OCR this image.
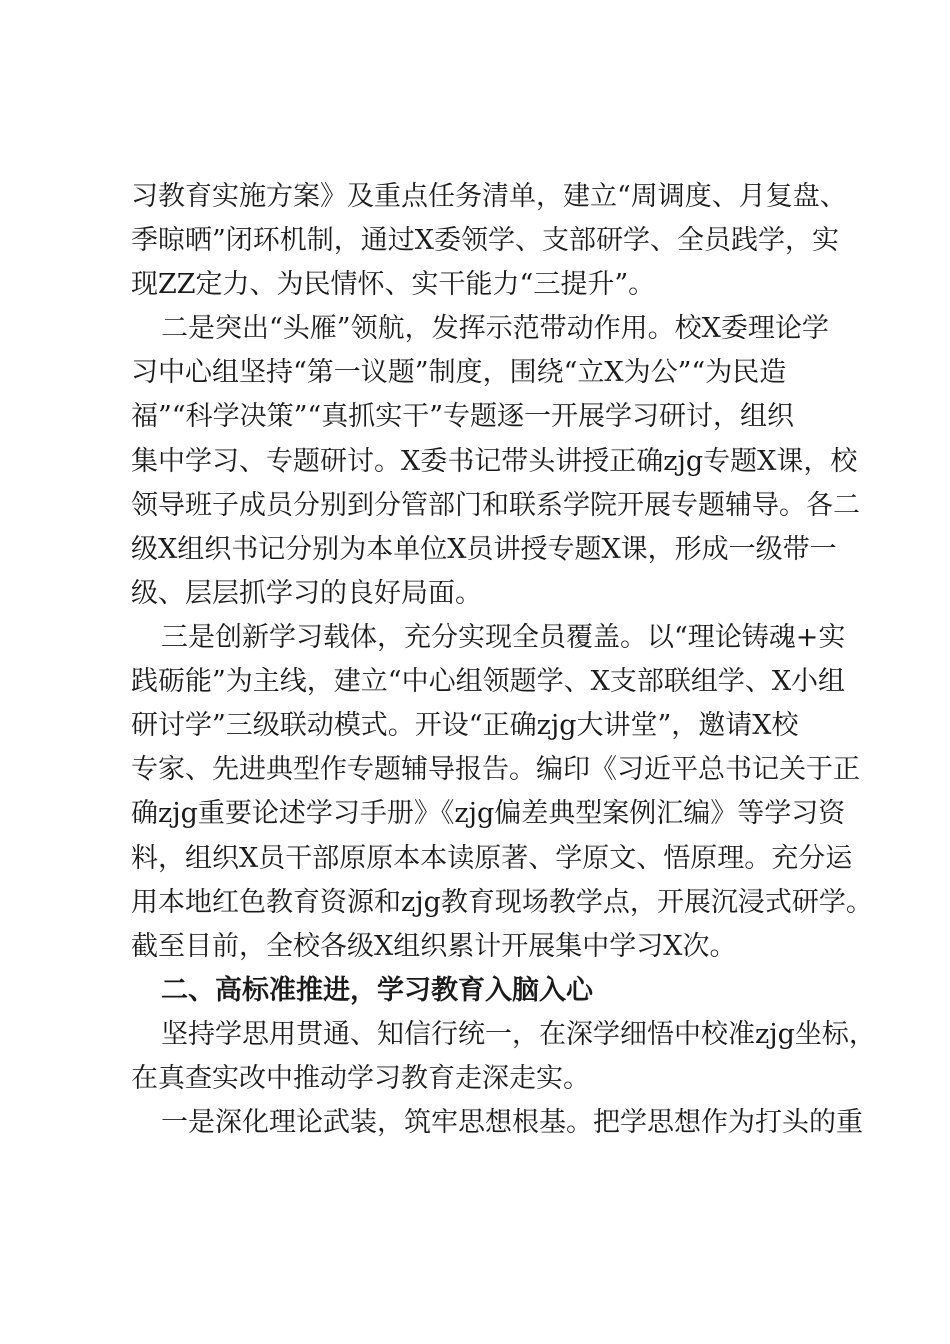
习教育实施方案》及重点任务清单，建立“周调度、月复盘、
季晾晒”闭环机制，通过X委领学、支部研学、全员践学，实
现ZZ定力、为民情怀、实干能力“三提升”。
二是突出“头雁”领航，发挥示范带动作用。校X委理论学
习中心组坚持“第一议题”制度，围绕“立X为公”“为民造
福”“科学决策”“真抓实干”专题逐一开展学习研讨，组织
集中学习、专题研讨。X委书记带头讲授正确zjg专题X课，校
领导班子成员分别到分管部门和联系学院开展专题辅导。各二
级X组织书记分别为本单位X员讲授专题X课，形成一级带一
级、层层抓学习的良好局面。
三是创新学习载体，充分实现全员覆盖。以“理论铸魂+实
践砺能”为主线，建立“中心组领题学、X支部联组学、X小组
研讨学”三级联动模式。开设“正确zjg大讲堂”，邀请X校
专家、先进典型作专题辅导报告。编印《习近平总书记关于正
确zjg重要论述学习手册》《zjg偏差典型案例汇编》等学习资
料，组织X员干部原原本本读原著、学原文、悟原理。充分运
用本地红色教育资源和zjg教育现场教学点，开展沉浸式研学。
截至目前，全校各级X组织累计开展集中学习X次。
二、高标准推进，学习教育入脑入心
坚持学思用贯通、知信行统一，在深学细悟中校准zjg坐标，
在真查实改中推动学习教育走深走实。
一是深化理论武装，筑牢思想根基。把学思想作为打头的重
